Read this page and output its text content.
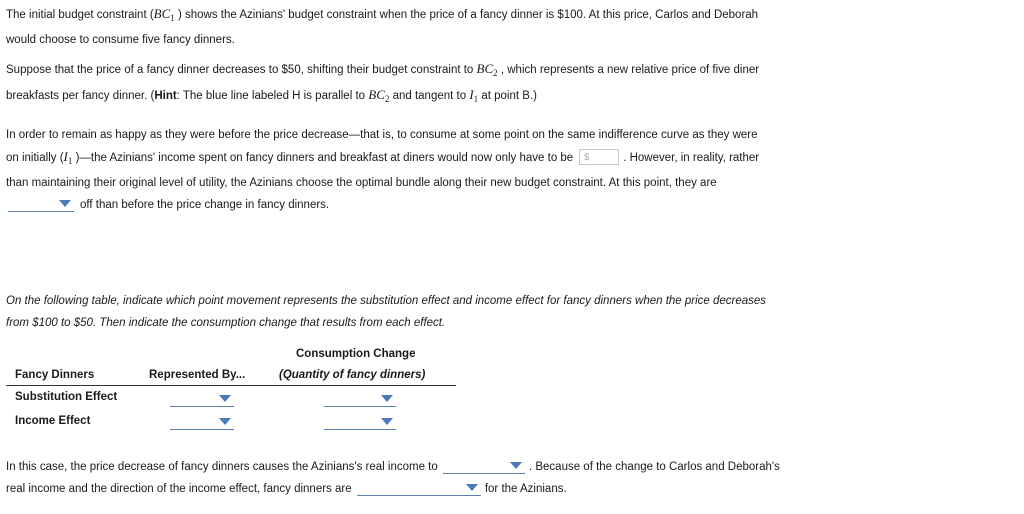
The initial budget constraint ($BC_1$ ) shows the Azinians' budget constraint when the price of a fancy dinner is $100. At this price, Carlos and Deborah
would choose to consume five fancy dinners.
Suppose that the price of a fancy dinner decreases to $50, shifting their budget constraint to $BC_2$ , which represents a new relative price of five diner
breakfasts per fancy dinner. (Hint: The blue line labeled H is parallel to $BC_2$ and tangent to $I_1$ at point B.)
In order to remain as happy as they were before the price decrease—that is, to consume at some point on the same indifference curve as they were
on initially ($I_1$ )—the Azinians' income spent on fancy dinners and breakfast at diners would now only have to be $	. However, in reality, rather
than maintaining their original level of utility, the Azinians choose the optimal bundle along their new budget constraint. At this point, they are

off than before the price change in fancy dinners.
On the following table, indicate which point movement represents the substitution effect and income effect for fancy dinners when the price decreases
from $100 to $50. Then indicate the consumption change that results from each effect.
Consumption Change
Fancy Dinners	Represented By...	(Quantity of fancy dinners)
Substitution Effect
Income Effect
In this case, the price decrease of fancy dinners causes the Azinians's real income to	. Because of the change to Carlos and Deborah's
real income and the direction of the income effect, fancy dinners are	for the Azinians.
